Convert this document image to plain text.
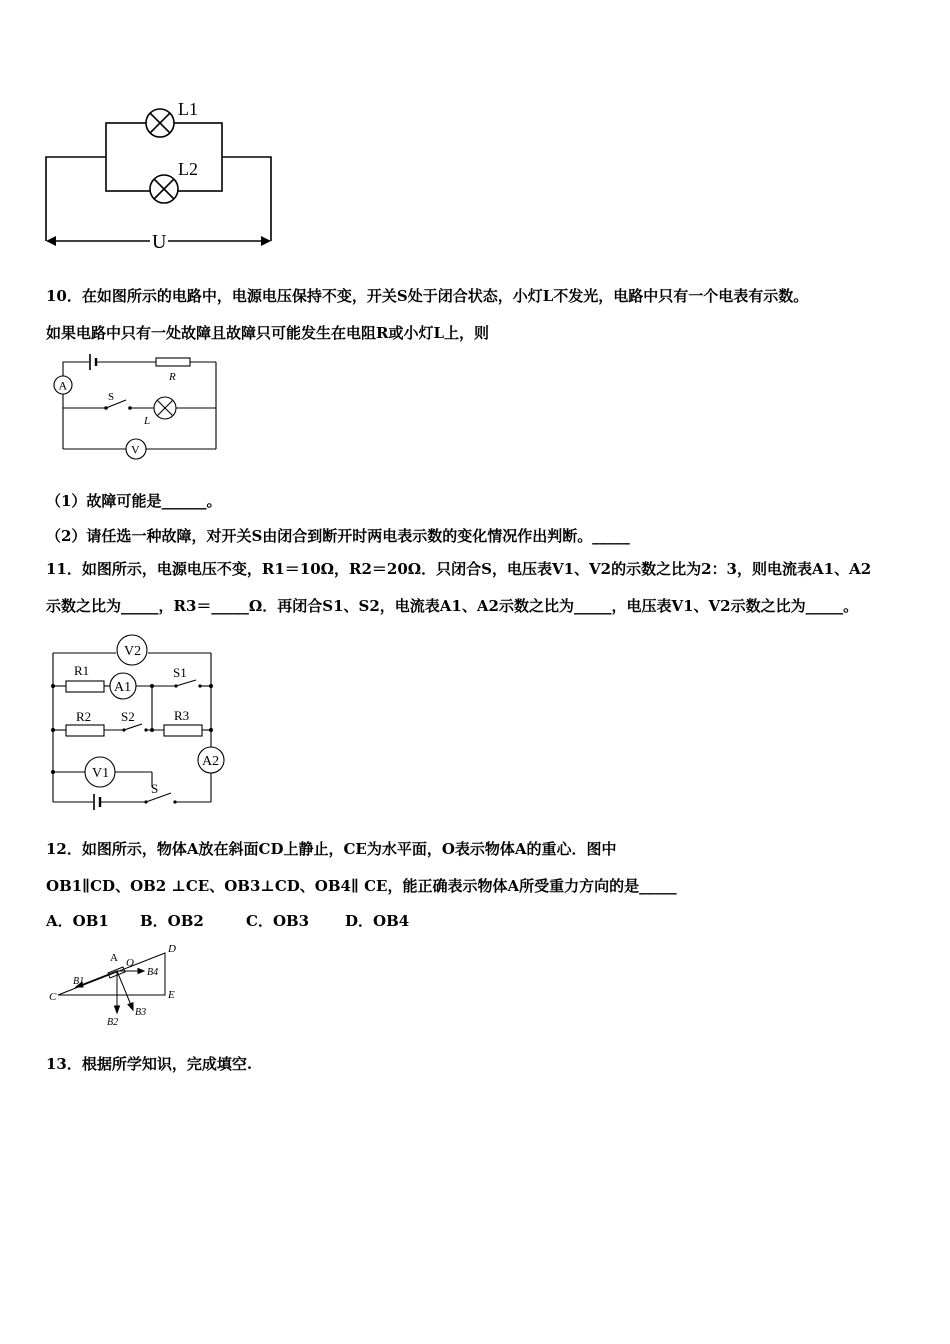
L1
L2
U
10．在如图所示的电路中，电源电压保持不变，开关S处于闭合状态，小灯L不发光，电路中只有一个电表有示数。
如果电路中只有一处故障且故障只可能发生在电阻R或小灯L上，则
A
V
R
S
L
（1）故障可能是______。
（2）请任选一种故障，对开关S由闭合到断开时两电表示数的变化情况作出判断。_____
11．如图所示，电源电压不变，R1＝10Ω，R2＝20Ω．只闭合S，电压表V1、V2的示数之比为2：3，则电流表A1、A2
示数之比为_____，R3＝_____Ω．再闭合S1、S2，电流表A1、A2示数之比为_____，电压表V1、V2示数之比为_____。
V2
A1
A2
V1
R1	S1
R2 S2	R3
S
12．如图所示，物体A放在斜面CD上静止，CE为水平面，O表示物体A的重心．图中
OB1∥CD、OB2 ⊥CE、OB3⊥CD、OB4∥ CE，能正确表示物体A所受重力方向的是_____
A．OB1 B．OB2	C．OB3 D．OB4
A O
D
C	E
B1
B2
B3
B4
13．根据所学知识，完成填空.
